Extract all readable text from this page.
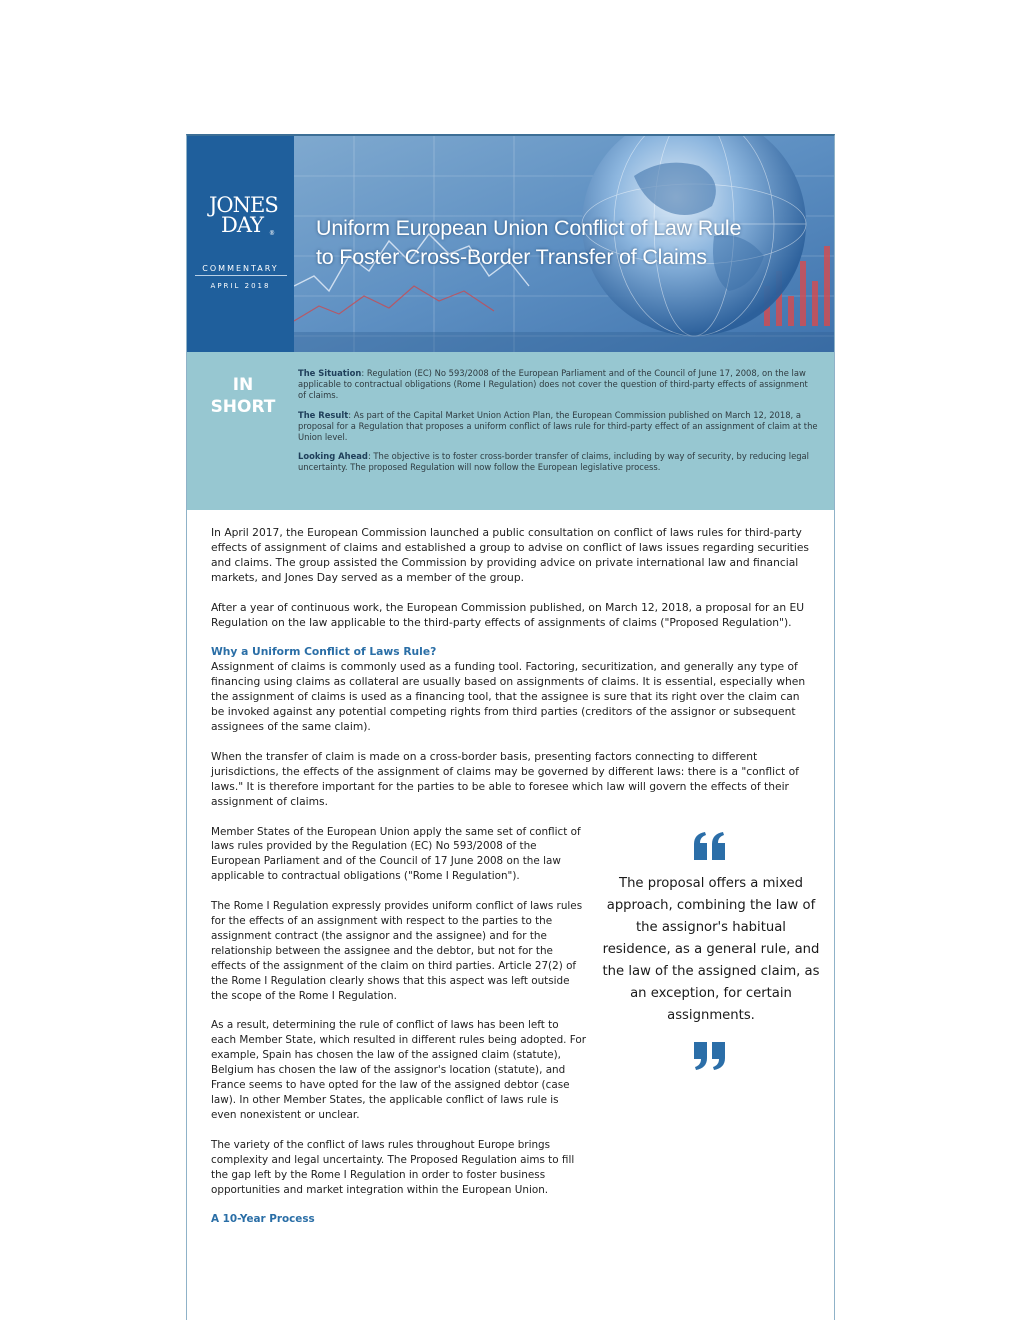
JONES
DAY ®
COMMENTARY
APRIL 2018
Uniform European Union Conflict of Law Rule
to Foster Cross-Border Transfer of Claims
IN
SHORT

The Situation: Regulation (EC) No 593/2008 of the European Parliament and of the Council of June 17, 2008, on the law applicable to contractual obligations (Rome I Regulation) does not cover the question of third-party effects of assignment of claims.

The Result: As part of the Capital Market Union Action Plan, the European Commission published on March 12, 2018, a proposal for a Regulation that proposes a uniform conflict of laws rule for third-party effect of an assignment of claim at the Union level.

Looking Ahead: The objective is to foster cross-border transfer of claims, including by way of security, by reducing legal uncertainty. The proposed Regulation will now follow the European legislative process.

In April 2017, the European Commission launched a public consultation on conflict of laws rules for third-party effects of assignment of claims and established a group to advise on conflict of laws issues regarding securities and claims. The group assisted the Commission by providing advice on private international law and financial markets, and Jones Day served as a member of the group.

After a year of continuous work, the European Commission published, on March 12, 2018, a proposal for an EU Regulation on the law applicable to the third-party effects of assignments of claims ("Proposed Regulation").

Why a Uniform Conflict of Laws Rule?

Assignment of claims is commonly used as a funding tool. Factoring, securitization, and generally any type of financing using claims as collateral are usually based on assignments of claims. It is essential, especially when the assignment of claims is used as a financing tool, that the assignee is sure that its right over the claim can be invoked against any potential competing rights from third parties (creditors of the assignor or subsequent assignees of the same claim).

When the transfer of claim is made on a cross-border basis, presenting factors connecting to different jurisdictions, the effects of the assignment of claims may be governed by different laws: there is a "conflict of laws." It is therefore important for the parties to be able to foresee which law will govern the effects of their assignment of claims.

Member States of the European Union apply the same set of conflict of laws rules provided by the Regulation (EC) No 593/2008 of the European Parliament and of the Council of 17 June 2008 on the law applicable to contractual obligations ("Rome I Regulation").

The Rome I Regulation expressly provides uniform conflict of laws rules for the effects of an assignment with respect to the parties to the assignment contract (the assignor and the assignee) and for the relationship between the assignee and the debtor, but not for the effects of the assignment of the claim on third parties. Article 27(2) of the Rome I Regulation clearly shows that this aspect was left outside the scope of the Rome I Regulation.

As a result, determining the rule of conflict of laws has been left to each Member State, which resulted in different rules being adopted. For example, Spain has chosen the law of the assigned claim (statute), Belgium has chosen the law of the assignor's location (statute), and France seems to have opted for the law of the assigned debtor (case law). In other Member States, the applicable conflict of laws rule is even nonexistent or unclear.

The variety of the conflict of laws rules throughout Europe brings complexity and legal uncertainty. The Proposed Regulation aims to fill the gap left by the Rome I Regulation in order to foster business opportunities and market integration within the European Union.

A 10-Year Process

The proposal offers a mixed approach, combining the law of the assignor's habitual residence, as a general rule, and the law of the assigned claim, as an exception, for certain assignments.
